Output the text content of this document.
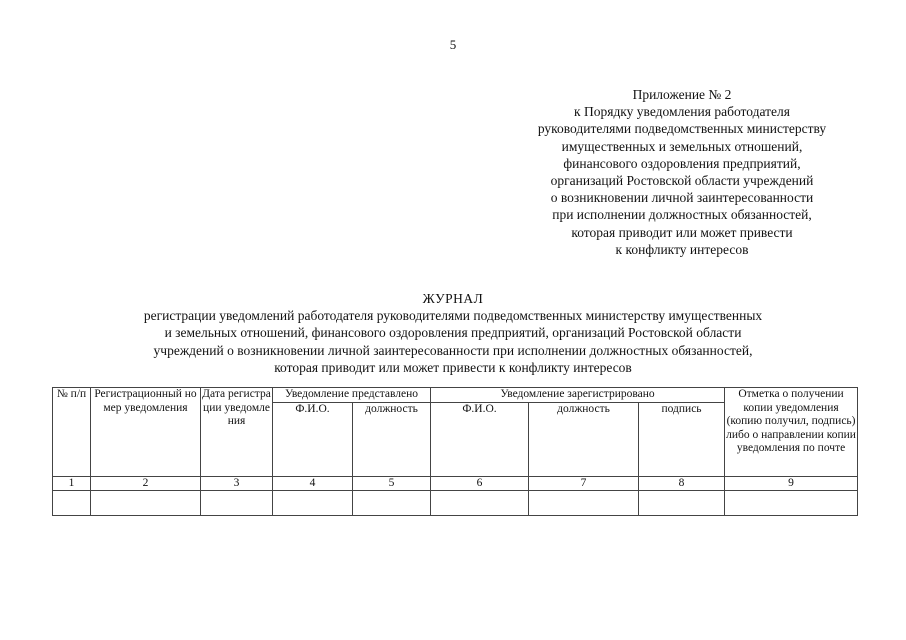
5
Приложение № 2
к Порядку уведомления работодателя
руководителями подведомственных министерству
имущественных и земельных отношений,
финансового оздоровления предприятий,
организаций Ростовской области учреждений
о возникновении личной заинтересованности
при исполнении должностных обязанностей,
которая приводит или может привести
к конфликту интересов
ЖУРНАЛ
регистрации уведомлений работодателя руководителями подведомственных министерству имущественных
и земельных отношений, финансового оздоровления предприятий, организаций Ростовской области
учреждений о возникновении личной заинтересованности при исполнении должностных обязанностей,
которая приводит или может привести к конфликту интересов
№ п/п	Регистрационный номер уведомления	Дата регистрации уведомления	Уведомление представлено		Уведомление зарегистрировано			Отметка о получении копии уведомления (копию получил, подпись) либо о направлении копии уведомления по почте
			Ф.И.О.	должность	Ф.И.О.	должность	подпись	
1	2	3	4	5	6	7	8	9
